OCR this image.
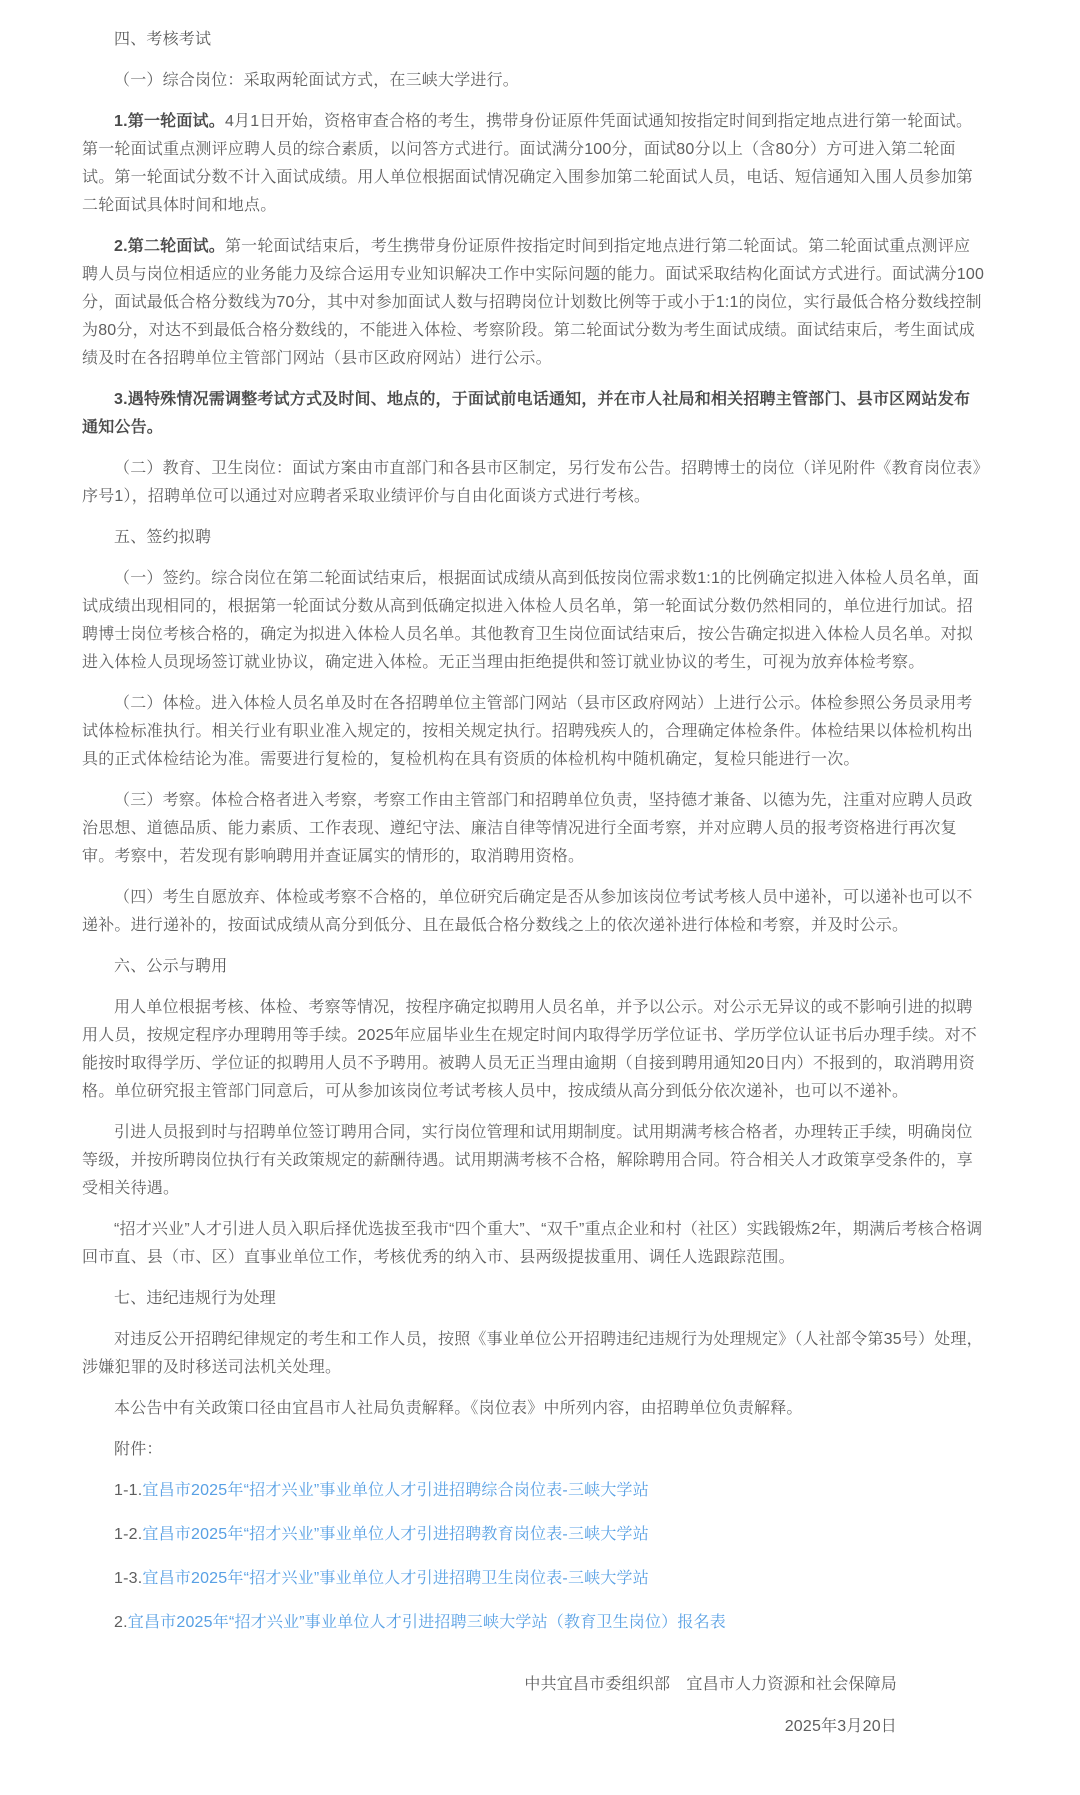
四、考核考试

（一）综合岗位：采取两轮面试方式，在三峡大学进行。

1.第一轮面试。4月1日开始，资格审查合格的考生，携带身份证原件凭面试通知按指定时间到指定地点进行第一轮面试。第一轮面试重点测评应聘人员的综合素质，以问答方式进行。面试满分100分，面试80分以上（含80分）方可进入第二轮面试。第一轮面试分数不计入面试成绩。用人单位根据面试情况确定入围参加第二轮面试人员，电话、短信通知入围人员参加第二轮面试具体时间和地点。

2.第二轮面试。第一轮面试结束后，考生携带身份证原件按指定时间到指定地点进行第二轮面试。第二轮面试重点测评应聘人员与岗位相适应的业务能力及综合运用专业知识解决工作中实际问题的能力。面试采取结构化面试方式进行。面试满分100分，面试最低合格分数线为70分，其中对参加面试人数与招聘岗位计划数比例等于或小于1:1的岗位，实行最低合格分数线控制为80分，对达不到最低合格分数线的，不能进入体检、考察阶段。第二轮面试分数为考生面试成绩。面试结束后，考生面试成绩及时在各招聘单位主管部门网站（县市区政府网站）进行公示。

3.遇特殊情况需调整考试方式及时间、地点的，于面试前电话通知，并在市人社局和相关招聘主管部门、县市区网站发布通知公告。

（二）教育、卫生岗位：面试方案由市直部门和各县市区制定，另行发布公告。招聘博士的岗位（详见附件《教育岗位表》序号1），招聘单位可以通过对应聘者采取业绩评价与自由化面谈方式进行考核。

五、签约拟聘

（一）签约。综合岗位在第二轮面试结束后，根据面试成绩从高到低按岗位需求数1:1的比例确定拟进入体检人员名单，面试成绩出现相同的，根据第一轮面试分数从高到低确定拟进入体检人员名单，第一轮面试分数仍然相同的，单位进行加试。招聘博士岗位考核合格的，确定为拟进入体检人员名单。其他教育卫生岗位面试结束后，按公告确定拟进入体检人员名单。对拟进入体检人员现场签订就业协议，确定进入体检。无正当理由拒绝提供和签订就业协议的考生，可视为放弃体检考察。

（二）体检。进入体检人员名单及时在各招聘单位主管部门网站（县市区政府网站）上进行公示。体检参照公务员录用考试体检标准执行。相关行业有职业准入规定的，按相关规定执行。招聘残疾人的，合理确定体检条件。体检结果以体检机构出具的正式体检结论为准。需要进行复检的，复检机构在具有资质的体检机构中随机确定，复检只能进行一次。

（三）考察。体检合格者进入考察，考察工作由主管部门和招聘单位负责，坚持德才兼备、以德为先，注重对应聘人员政治思想、道德品质、能力素质、工作表现、遵纪守法、廉洁自律等情况进行全面考察，并对应聘人员的报考资格进行再次复审。考察中，若发现有影响聘用并查证属实的情形的，取消聘用资格。

（四）考生自愿放弃、体检或考察不合格的，单位研究后确定是否从参加该岗位考试考核人员中递补，可以递补也可以不递补。进行递补的，按面试成绩从高分到低分、且在最低合格分数线之上的依次递补进行体检和考察，并及时公示。

六、公示与聘用

用人单位根据考核、体检、考察等情况，按程序确定拟聘用人员名单，并予以公示。对公示无异议的或不影响引进的拟聘用人员，按规定程序办理聘用等手续。2025年应届毕业生在规定时间内取得学历学位证书、学历学位认证书后办理手续。对不能按时取得学历、学位证的拟聘用人员不予聘用。被聘人员无正当理由逾期（自接到聘用通知20日内）不报到的，取消聘用资格。单位研究报主管部门同意后，可从参加该岗位考试考核人员中，按成绩从高分到低分依次递补，也可以不递补。

引进人员报到时与招聘单位签订聘用合同，实行岗位管理和试用期制度。试用期满考核合格者，办理转正手续，明确岗位等级，并按所聘岗位执行有关政策规定的薪酬待遇。试用期满考核不合格，解除聘用合同。符合相关人才政策享受条件的，享受相关待遇。

“招才兴业”人才引进人员入职后择优选拔至我市“四个重大”、“双千”重点企业和村（社区）实践锻炼2年，期满后考核合格调回市直、县（市、区）直事业单位工作，考核优秀的纳入市、县两级提拔重用、调任人选跟踪范围。

七、违纪违规行为处理

对违反公开招聘纪律规定的考生和工作人员，按照《事业单位公开招聘违纪违规行为处理规定》（人社部令第35号）处理，涉嫌犯罪的及时移送司法机关处理。

本公告中有关政策口径由宜昌市人社局负责解释。《岗位表》中所列内容，由招聘单位负责解释。

附件：

1-1.宜昌市2025年“招才兴业”事业单位人才引进招聘综合岗位表-三峡大学站

1-2.宜昌市2025年“招才兴业”事业单位人才引进招聘教育岗位表-三峡大学站

1-3.宜昌市2025年“招才兴业”事业单位人才引进招聘卫生岗位表-三峡大学站

2.宜昌市2025年“招才兴业”事业单位人才引进招聘三峡大学站（教育卫生岗位）报名表

中共宜昌市委组织部　宜昌市人力资源和社会保障局

2025年3月20日
